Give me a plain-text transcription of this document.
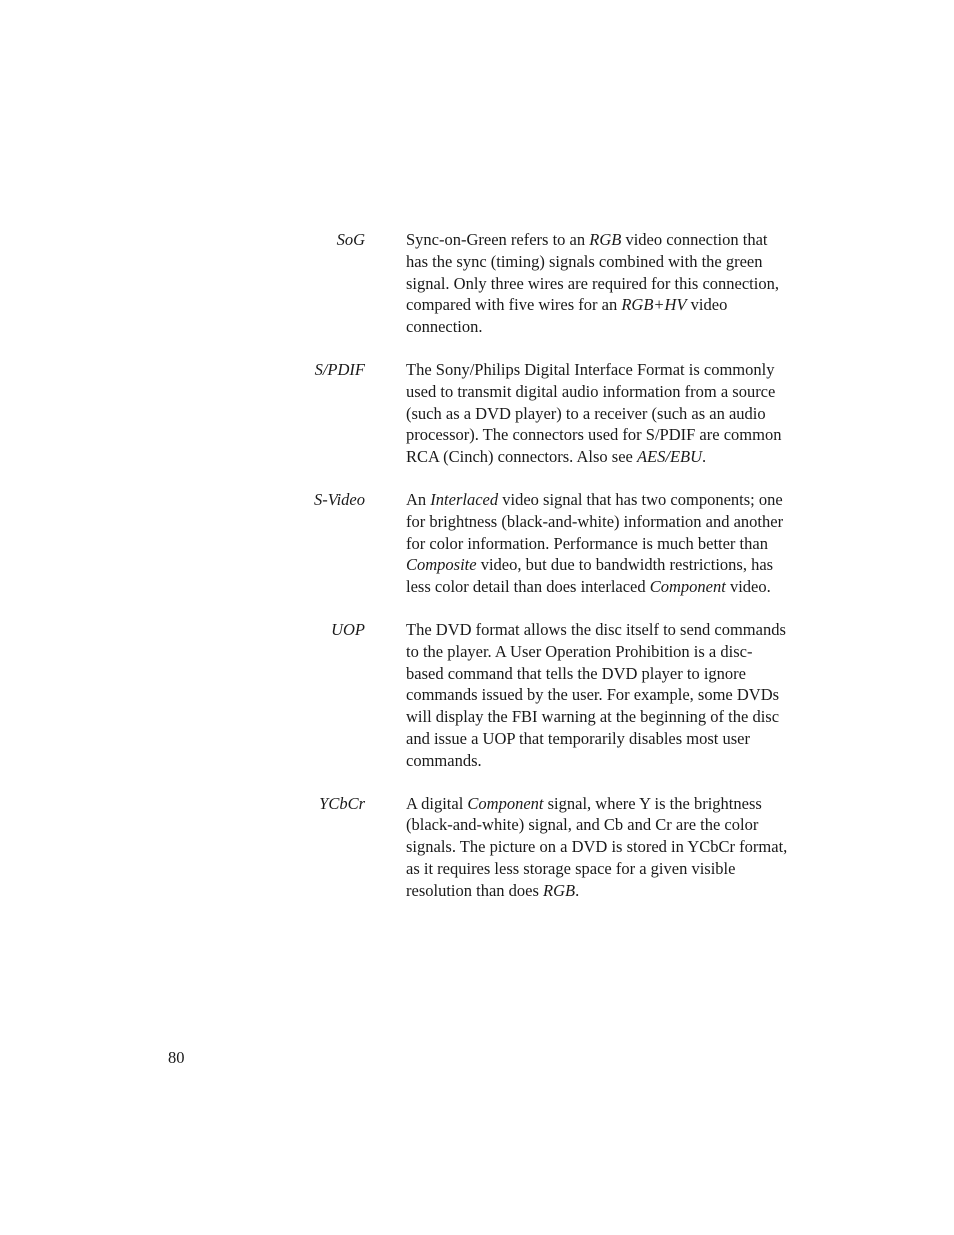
SoG Sync-on-Green refers to an RGB video connection that has the sync (timing) signals combined with the green signal. Only three wires are required for this connection, compared with five wires for an RGB+HV video connection.
S/PDIF The Sony/Philips Digital Interface Format is commonly used to transmit digital audio information from a source (such as a DVD player) to a receiver (such as an audio processor). The connectors used for S/PDIF are common RCA (Cinch) connectors. Also see AES/EBU.
S-Video An Interlaced video signal that has two components; one for brightness (black-and-white) information and another for color information. Performance is much better than Composite video, but due to bandwidth restrictions, has less color detail than does interlaced Component video.
UOP The DVD format allows the disc itself to send commands to the player. A User Operation Prohibition is a disc-based command that tells the DVD player to ignore commands issued by the user. For example, some DVDs will display the FBI warning at the beginning of the disc and issue a UOP that temporarily disables most user commands.
YCbCr A digital Component signal, where Y is the brightness (black-and-white) signal, and Cb and Cr are the color signals. The picture on a DVD is stored in YCbCr format, as it requires less storage space for a given visible resolution than does RGB.
80
